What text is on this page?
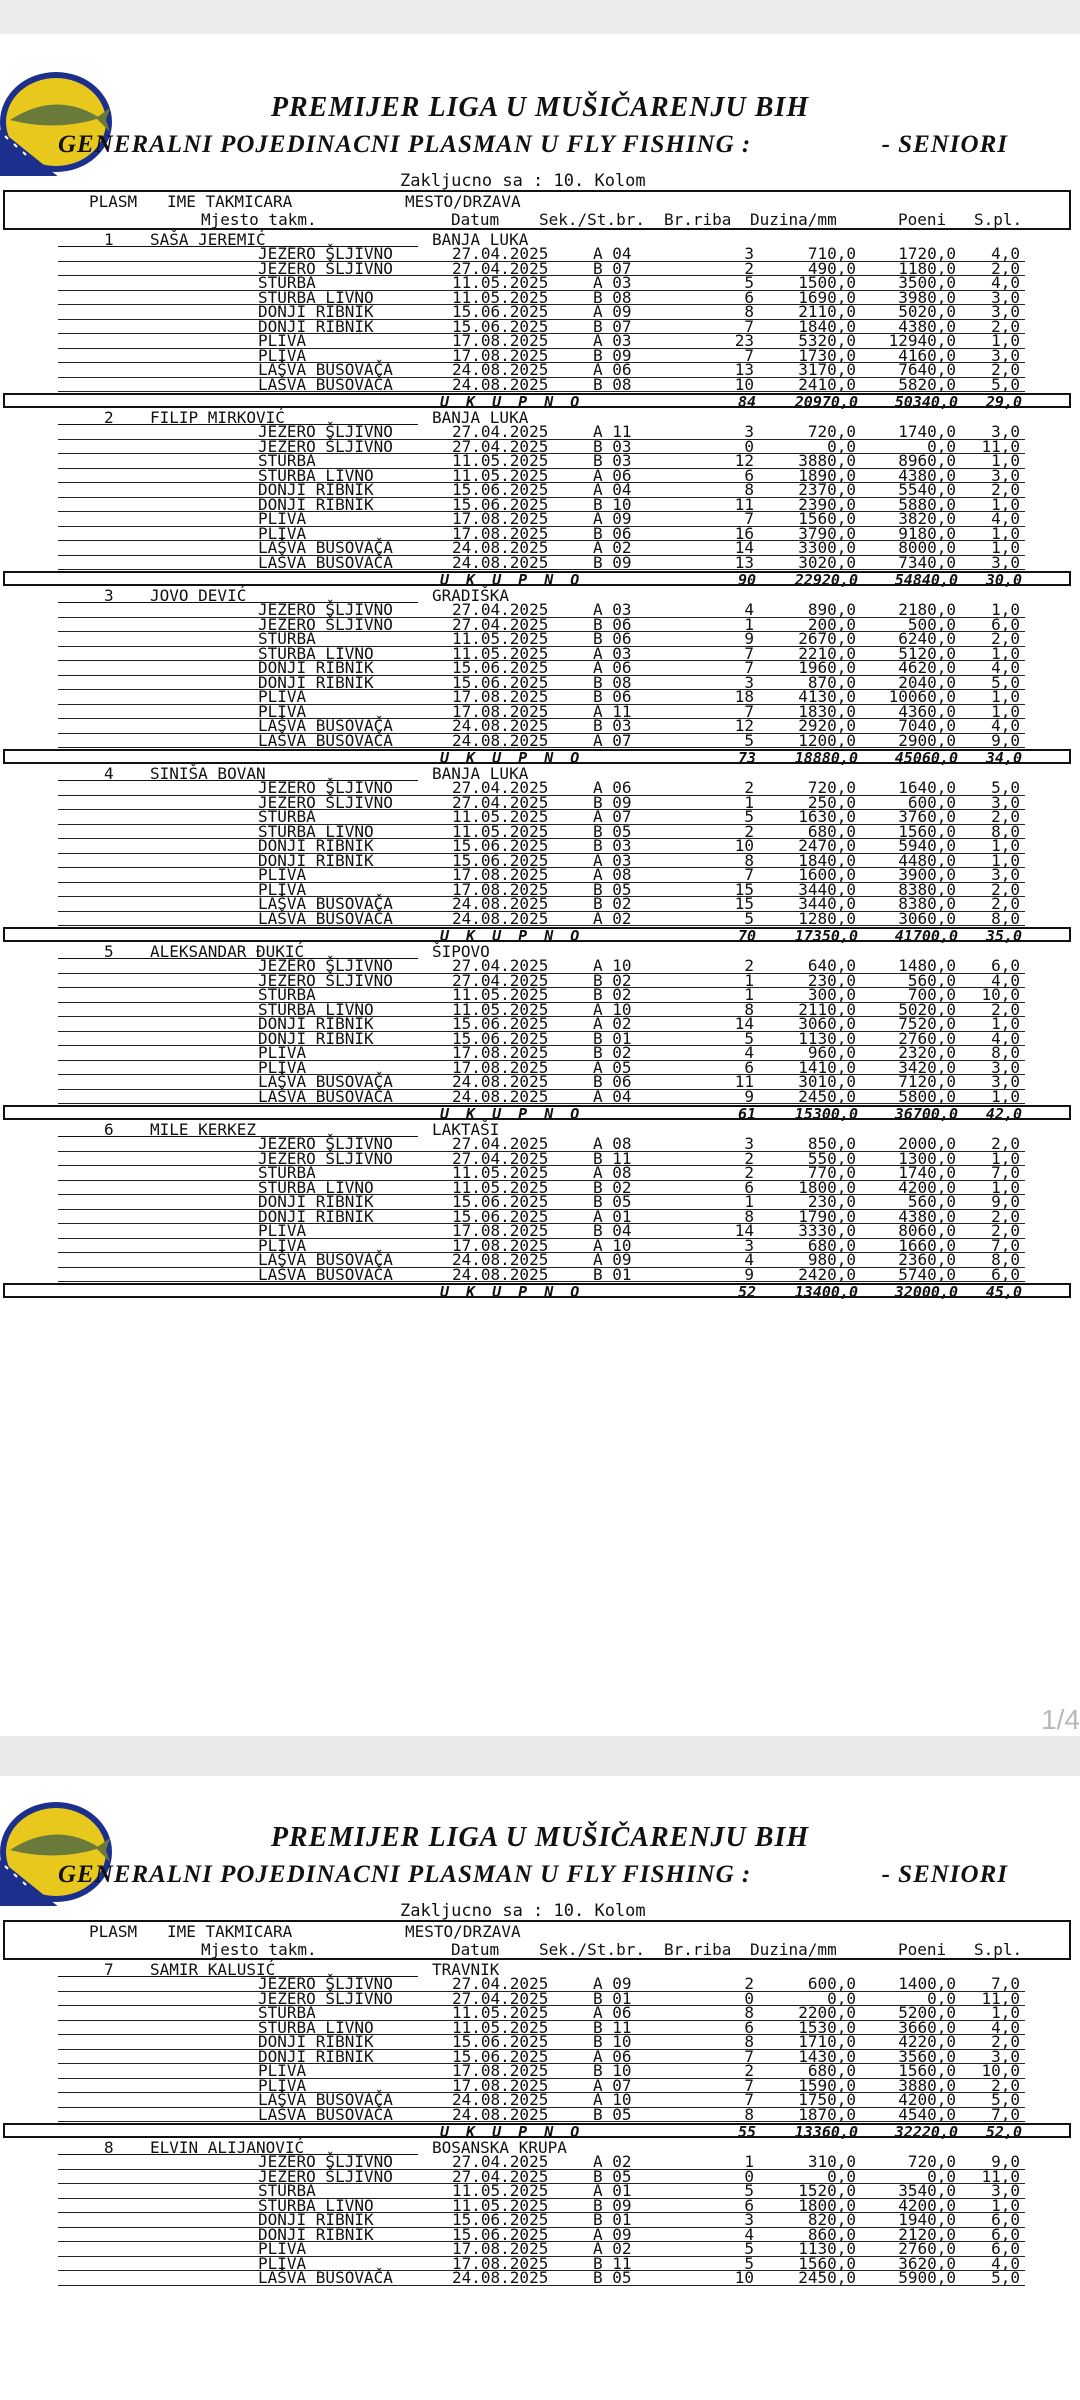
PREMIJER LIGA U MUŠIČARENJU BIH
GENERALNI POJEDINACNI PLASMAN U FLY FISHING :	- SENIORI
Zakljucno sa : 10. Kolom
PLASM IME TAKMICARA	MESTO/DRZAVA
Mjesto takm.	Datum Sek./St.br. Br.riba Duzina/mm	Poeni S.pl.
1 SAŠA JEREMIĆ	BANJA LUKA
JEZERO ŠLJIVNO	27.04.2025	A 04	3	710,0	1720,0	4,0
JEZERO ŠLJIVNO	27.04.2025	B 07	2	490,0	1180,0	2,0
STURBA	11.05.2025	A 03	5	1500,0	3500,0	4,0
STURBA LIVNO	11.05.2025	B 08	6	1690,0	3980,0	3,0
DONJI RIBNIK	15.06.2025	A 09	8	2110,0	5020,0	3,0
DONJI RIBNIK	15.06.2025	B 07	7	1840,0	4380,0	2,0
PLIVA	17.08.2025	A 03	23	5320,0	12940,0	1,0
PLIVA	17.08.2025	B 09	7	1730,0	4160,0	3,0
LAŠVA BUSOVAČA	24.08.2025	A 06	13	3170,0	7640,0	2,0
LAŠVA BUSOVAČA	24.08.2025	B 08	10	2410,0	5820,0	5,0
U K U P N O	84	20970,0	50340,0	29,0
2 FILIP MIRKOVIĆ	BANJA LUKA
JEZERO ŠLJIVNO	27.04.2025	A 11	3	720,0	1740,0	3,0
JEZERO ŠLJIVNO	27.04.2025	B 03	0	0,0	0,0	11,0
STURBA	11.05.2025	B 03	12	3880,0	8960,0	1,0
STURBA LIVNO	11.05.2025	A 06	6	1890,0	4380,0	3,0
DONJI RIBNIK	15.06.2025	A 04	8	2370,0	5540,0	2,0
DONJI RIBNIK	15.06.2025	B 10	11	2390,0	5880,0	1,0
PLIVA	17.08.2025	A 09	7	1560,0	3820,0	4,0
PLIVA	17.08.2025	B 06	16	3790,0	9180,0	1,0
LAŠVA BUSOVAČA	24.08.2025	A 02	14	3300,0	8000,0	1,0
LAŠVA BUSOVAČA	24.08.2025	B 09	13	3020,0	7340,0	3,0
U K U P N O	90	22920,0	54840,0	30,0
3 JOVO DEVIĆ	GRADIŠKA
JEZERO ŠLJIVNO	27.04.2025	A 03	4	890,0	2180,0	1,0
JEZERO ŠLJIVNO	27.04.2025	B 06	1	200,0	500,0	6,0
STURBA	11.05.2025	B 06	9	2670,0	6240,0	2,0
STURBA LIVNO	11.05.2025	A 03	7	2210,0	5120,0	1,0
DONJI RIBNIK	15.06.2025	A 06	7	1960,0	4620,0	4,0
DONJI RIBNIK	15.06.2025	B 08	3	870,0	2040,0	5,0
PLIVA	17.08.2025	B 06	18	4130,0	10060,0	1,0
PLIVA	17.08.2025	A 11	7	1830,0	4360,0	1,0
LAŠVA BUSOVAČA	24.08.2025	B 03	12	2920,0	7040,0	4,0
LAŠVA BUSOVAČA	24.08.2025	A 07	5	1200,0	2900,0	9,0
U K U P N O	73	18880,0	45060,0	34,0
4 SINIŠA BOVAN	BANJA LUKA
JEZERO ŠLJIVNO	27.04.2025	A 06	2	720,0	1640,0	5,0
JEZERO ŠLJIVNO	27.04.2025	B 09	1	250,0	600,0	3,0
STURBA	11.05.2025	A 07	5	1630,0	3760,0	2,0
STURBA LIVNO	11.05.2025	B 05	2	680,0	1560,0	8,0
DONJI RIBNIK	15.06.2025	B 03	10	2470,0	5940,0	1,0
DONJI RIBNIK	15.06.2025	A 03	8	1840,0	4480,0	1,0
PLIVA	17.08.2025	A 08	7	1600,0	3900,0	3,0
PLIVA	17.08.2025	B 05	15	3440,0	8380,0	2,0
LAŠVA BUSOVAČA	24.08.2025	B 02	15	3440,0	8380,0	2,0
LAŠVA BUSOVAČA	24.08.2025	A 02	5	1280,0	3060,0	8,0
U K U P N O	70	17350,0	41700,0	35,0
5 ALEKSANDAR ĐUKIĆ	ŠIPOVO
JEZERO ŠLJIVNO	27.04.2025	A 10	2	640,0	1480,0	6,0
JEZERO ŠLJIVNO	27.04.2025	B 02	1	230,0	560,0	4,0
STURBA	11.05.2025	B 02	1	300,0	700,0	10,0
STURBA LIVNO	11.05.2025	A 10	8	2110,0	5020,0	2,0
DONJI RIBNIK	15.06.2025	A 02	14	3060,0	7520,0	1,0
DONJI RIBNIK	15.06.2025	B 01	5	1130,0	2760,0	4,0
PLIVA	17.08.2025	B 02	4	960,0	2320,0	8,0
PLIVA	17.08.2025	A 05	6	1410,0	3420,0	3,0
LAŠVA BUSOVAČA	24.08.2025	B 06	11	3010,0	7120,0	3,0
LAŠVA BUSOVAČA	24.08.2025	A 04	9	2450,0	5800,0	1,0
U K U P N O	61	15300,0	36700,0	42,0
6 MILE KERKEZ	LAKTAŠI
JEZERO ŠLJIVNO	27.04.2025	A 08	3	850,0	2000,0	2,0
JEZERO ŠLJIVNO	27.04.2025	B 11	2	550,0	1300,0	1,0
STURBA	11.05.2025	A 08	2	770,0	1740,0	7,0
STURBA LIVNO	11.05.2025	B 02	6	1800,0	4200,0	1,0
DONJI RIBNIK	15.06.2025	B 05	1	230,0	560,0	9,0
DONJI RIBNIK	15.06.2025	A 01	8	1790,0	4380,0	2,0
PLIVA	17.08.2025	B 04	14	3330,0	8060,0	2,0
PLIVA	17.08.2025	A 10	3	680,0	1660,0	7,0
LAŠVA BUSOVAČA	24.08.2025	A 09	4	980,0	2360,0	8,0
LAŠVA BUSOVAČA	24.08.2025	B 01	9	2420,0	5740,0	6,0
U K U P N O	52	13400,0	32000,0	45,0
1/4
PREMIJER LIGA U MUŠIČARENJU BIH
GENERALNI POJEDINACNI PLASMAN U FLY FISHING :	- SENIORI
Zakljucno sa : 10. Kolom
PLASM IME TAKMICARA	MESTO/DRZAVA
Mjesto takm.	Datum Sek./St.br. Br.riba Duzina/mm	Poeni S.pl.
7 SAMIR KALUSIĆ	TRAVNIK
JEZERO ŠLJIVNO	27.04.2025	A 09	2	600,0	1400,0	7,0
JEZERO ŠLJIVNO	27.04.2025	B 01	0	0,0	0,0	11,0
STURBA	11.05.2025	A 06	8	2200,0	5200,0	1,0
STURBA LIVNO	11.05.2025	B 11	6	1530,0	3660,0	4,0
DONJI RIBNIK	15.06.2025	B 10	8	1710,0	4220,0	2,0
DONJI RIBNIK	15.06.2025	A 06	7	1430,0	3560,0	3,0
PLIVA	17.08.2025	B 10	2	680,0	1560,0	10,0
PLIVA	17.08.2025	A 07	7	1590,0	3880,0	2,0
LAŠVA BUSOVAČA	24.08.2025	A 10	7	1750,0	4200,0	5,0
LAŠVA BUSOVAČA	24.08.2025	B 05	8	1870,0	4540,0	7,0
U K U P N O	55	13360,0	32220,0	52,0
8 ELVIN ALIJANOVIĆ	BOSANSKA KRUPA
JEZERO ŠLJIVNO	27.04.2025	A 02	1	310,0	720,0	9,0
JEZERO ŠLJIVNO	27.04.2025	B 05	0	0,0	0,0	11,0
STURBA	11.05.2025	A 01	5	1520,0	3540,0	3,0
STURBA LIVNO	11.05.2025	B 09	6	1800,0	4200,0	1,0
DONJI RIBNIK	15.06.2025	B 01	3	820,0	1940,0	6,0
DONJI RIBNIK	15.06.2025	A 09	4	860,0	2120,0	6,0
PLIVA	17.08.2025	A 02	5	1130,0	2760,0	6,0
PLIVA	17.08.2025	B 11	5	1560,0	3620,0	4,0
LAŠVA BUSOVAČA	24.08.2025	B 05	10	2450,0	5900,0	5,0
